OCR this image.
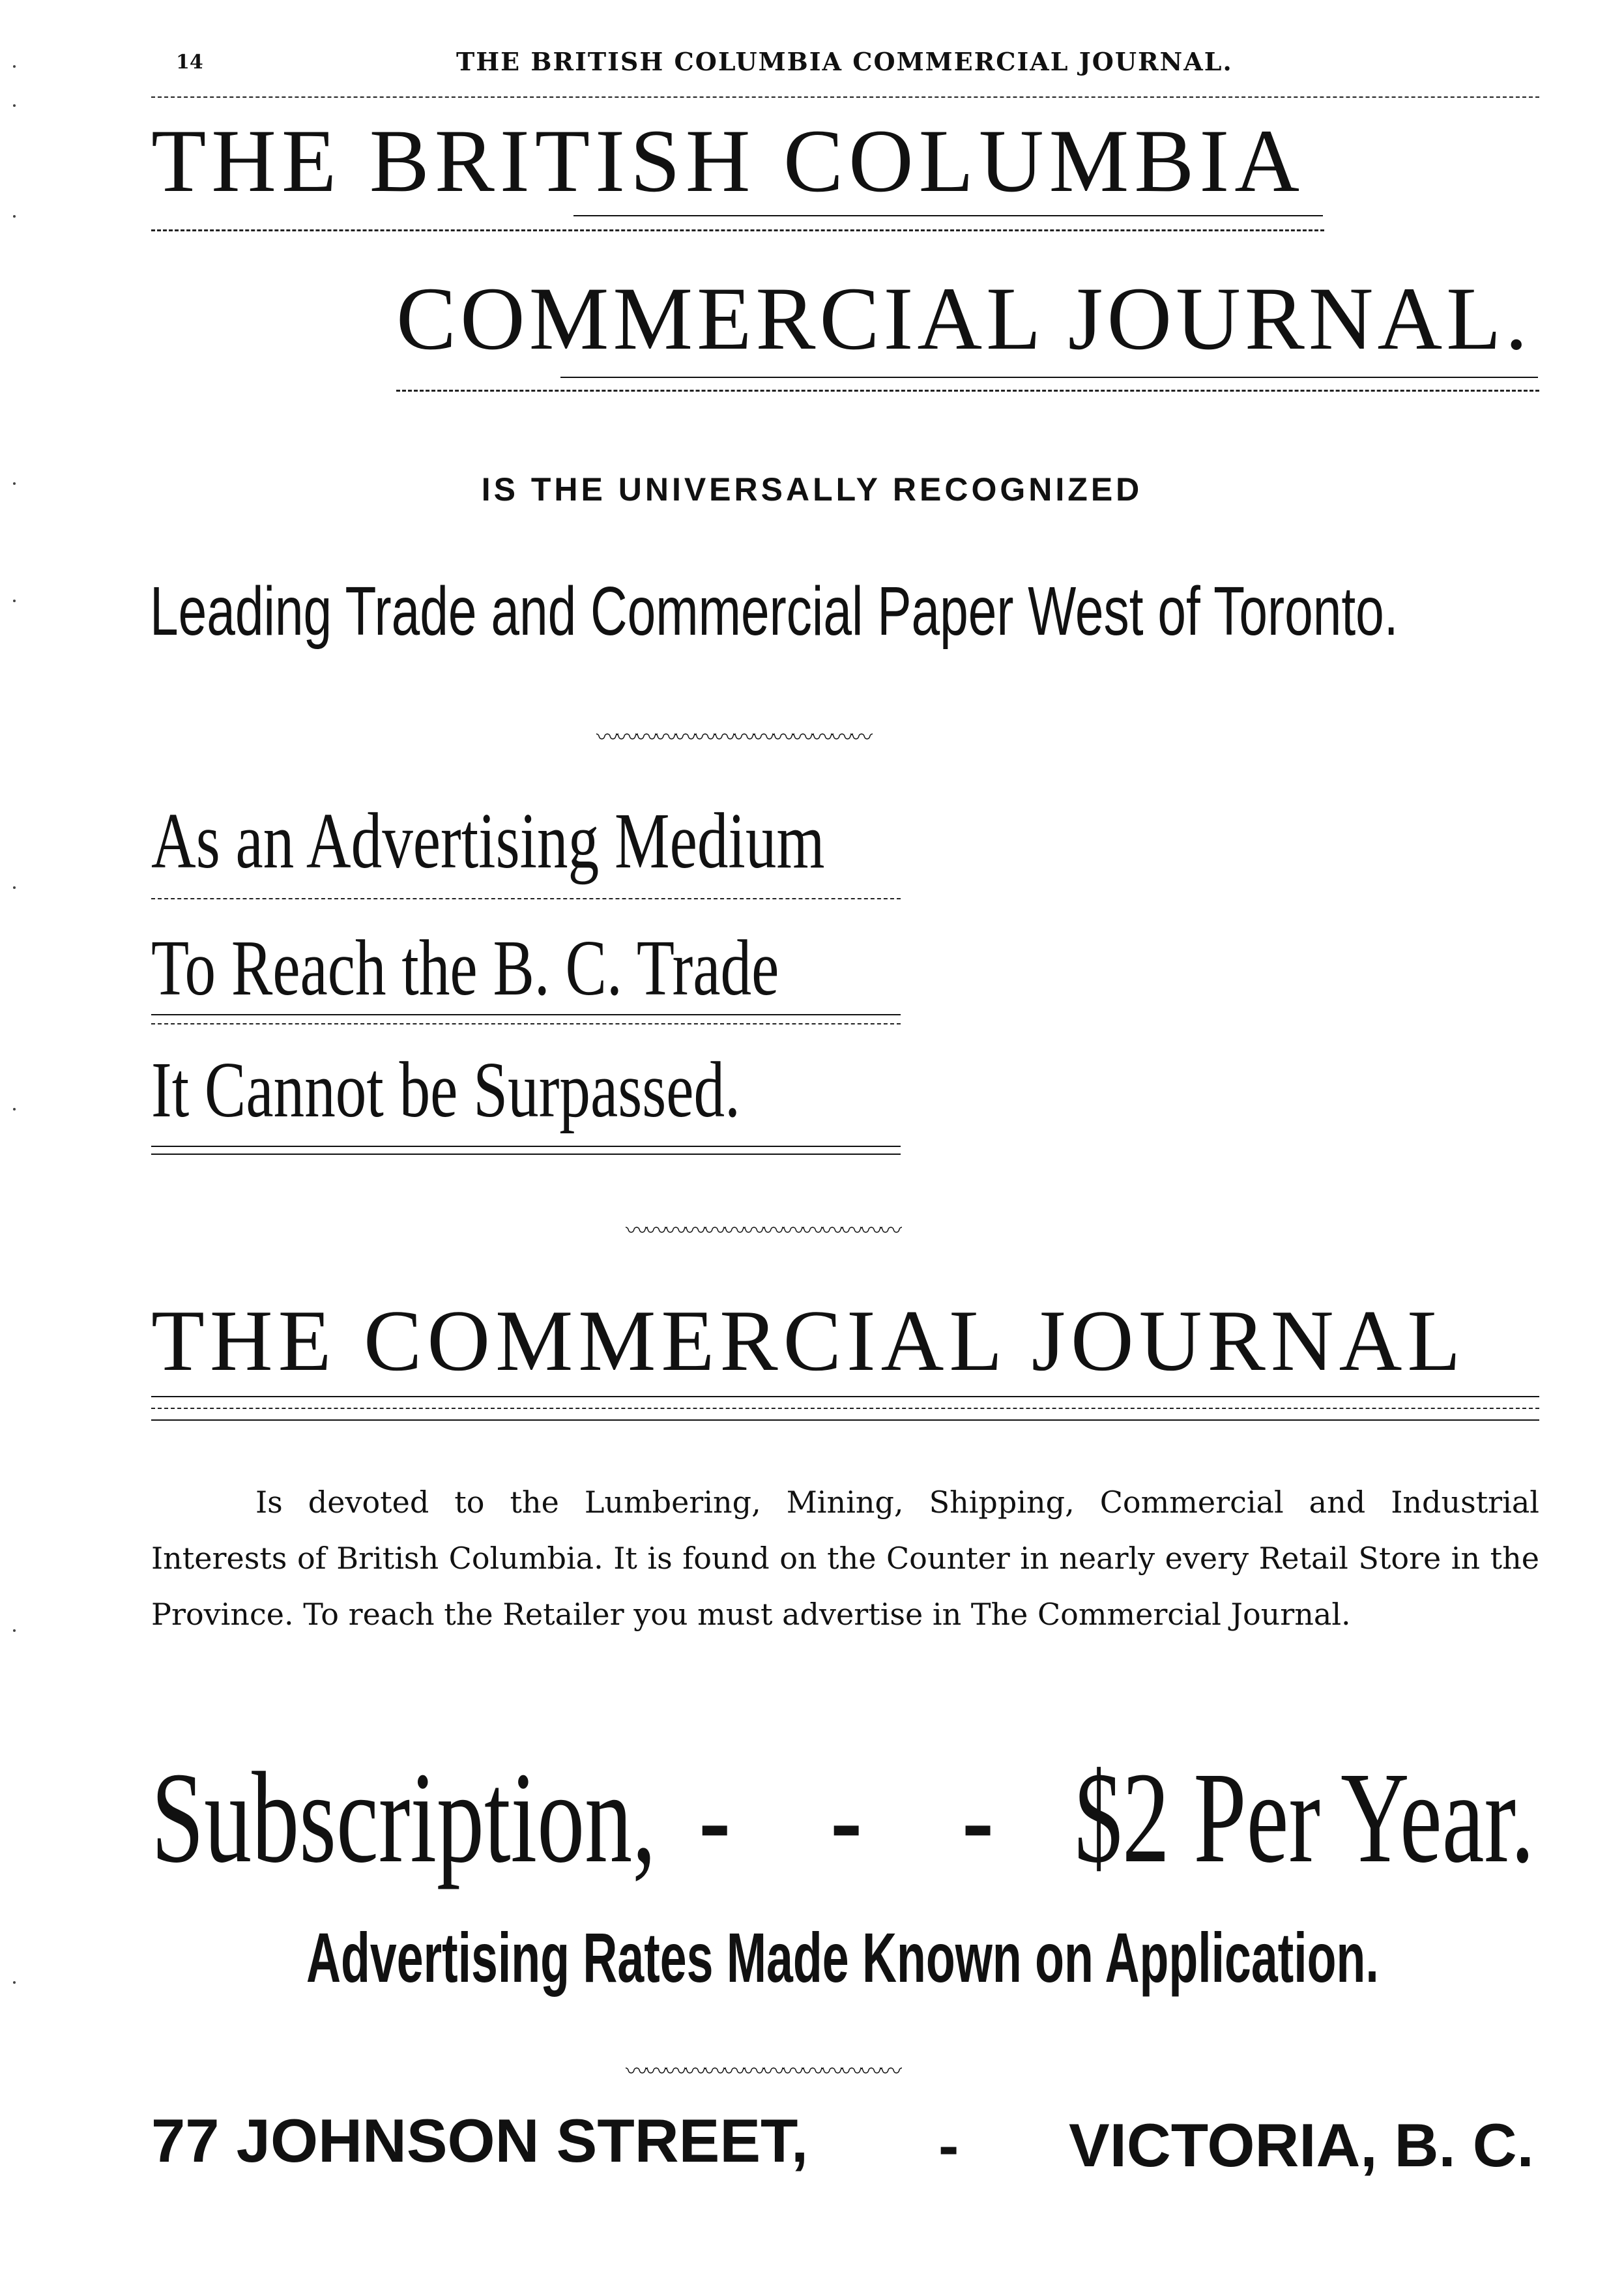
14	THE BRITISH COLUMBIA COMMERCIAL JOURNAL.
THE BRITISH COLUMBIA
COMMERCIAL JOURNAL.
IS THE UNIVERSALLY RECOGNIZED
Leading Trade and Commercial Paper West of Toronto.
〰〰〰〰〰〰〰〰〰〰〰〰〰〰
As an Advertising Medium
To Reach the B. C. Trade
It Cannot be Surpassed.
〰〰〰〰〰〰〰〰〰〰〰〰〰〰
THE COMMERCIAL JOURNAL
Is devoted to the Lumbering, Mining, Shipping, Commercial and Industrial Interests of British Columbia. It is found on the Counter in nearly every Retail Store in the Province. To reach the Retailer you must advertise in The Commercial Journal.
Subscription, - - - $2 Per Year.
Advertising Rates Made Known on Application.
〰〰〰〰〰〰〰〰〰〰〰〰〰〰
77 JOHNSON STREET, - VICTORIA, B. C.
